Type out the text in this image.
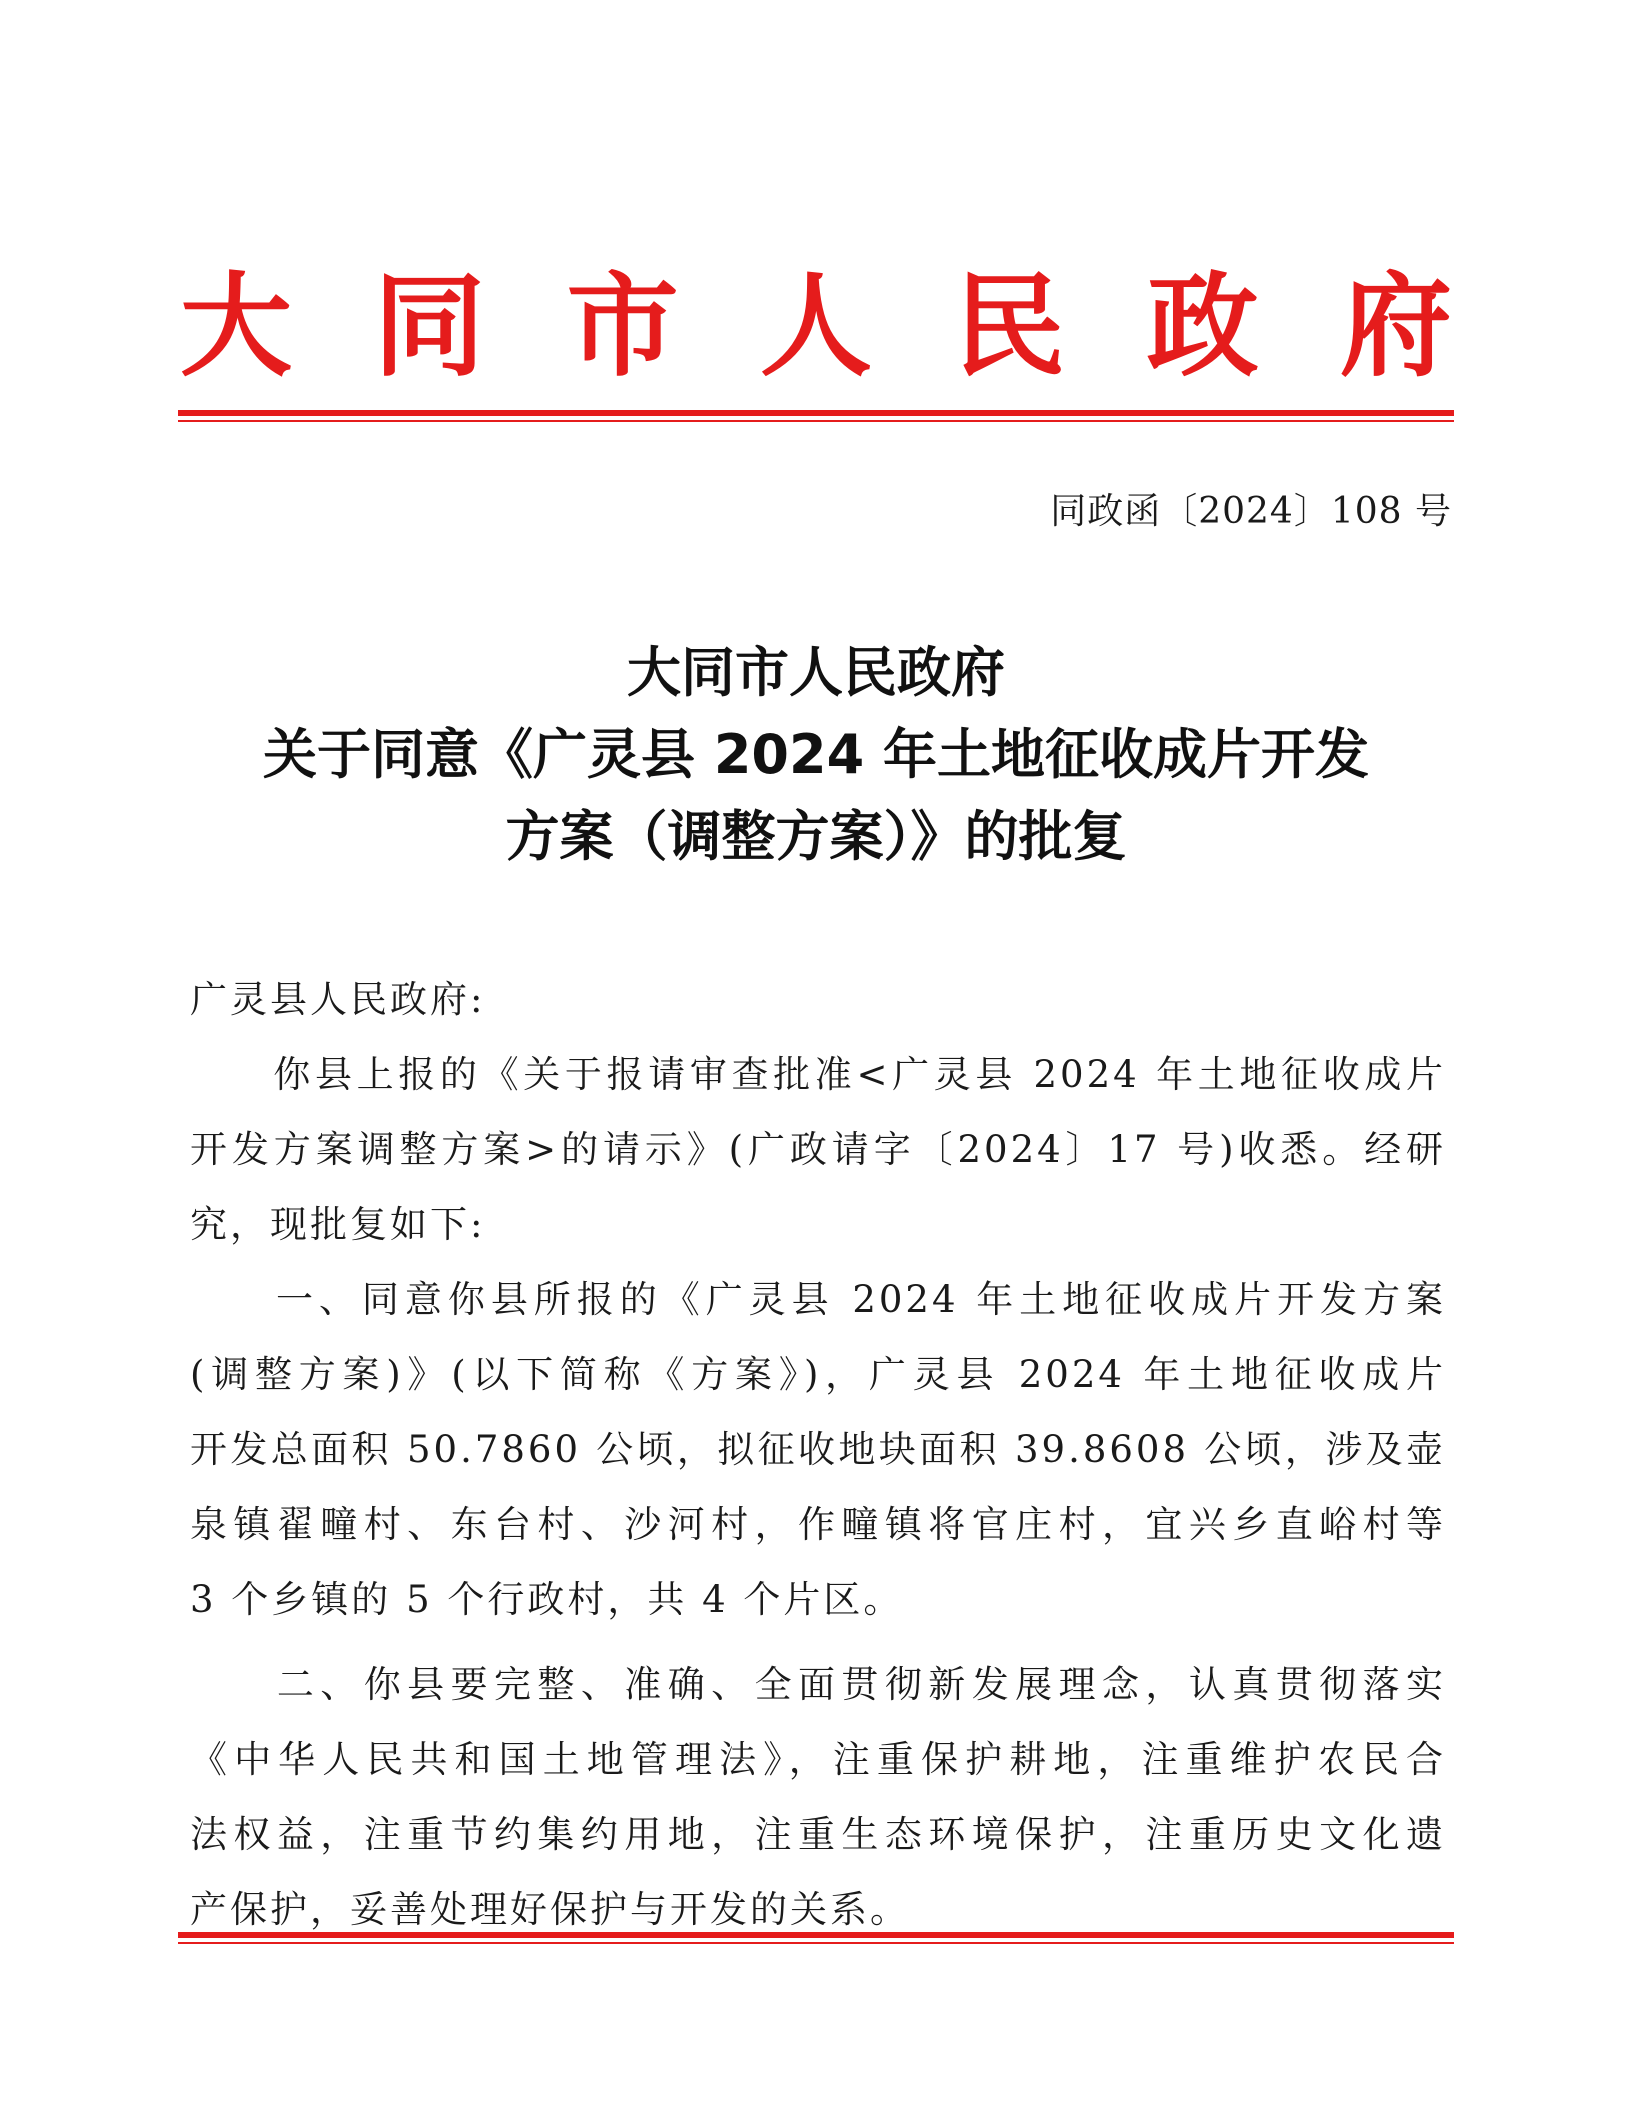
大 同 市 人 民 政 府
同政函〔2024〕108 号
大同市人民政府
关于同意《广灵县 2024 年土地征收成片开发
方案（调整方案）》的批复
广灵县人民政府:
　　你县上报的《关于报请审查批准<广灵县 2024 年土地征收成片
开发方案调整方案>的请示》(广政请字〔2024〕17 号)收悉。经研
究，现批复如下:
　　一、同意你县所报的《广灵县 2024 年土地征收成片开发方案
(调整方案)》(以下简称《方案》)，广灵县 2024 年土地征收成片
开发总面积 50.7860 公顷，拟征收地块面积 39.8608 公顷，涉及壶
泉镇翟疃村、东台村、沙河村，作疃镇将官庄村，宜兴乡直峪村等
3 个乡镇的 5 个行政村，共 4 个片区。
　　二、你县要完整、准确、全面贯彻新发展理念，认真贯彻落实
《中华人民共和国土地管理法》，注重保护耕地，注重维护农民合
法权益，注重节约集约用地，注重生态环境保护，注重历史文化遗
产保护，妥善处理好保护与开发的关系。
